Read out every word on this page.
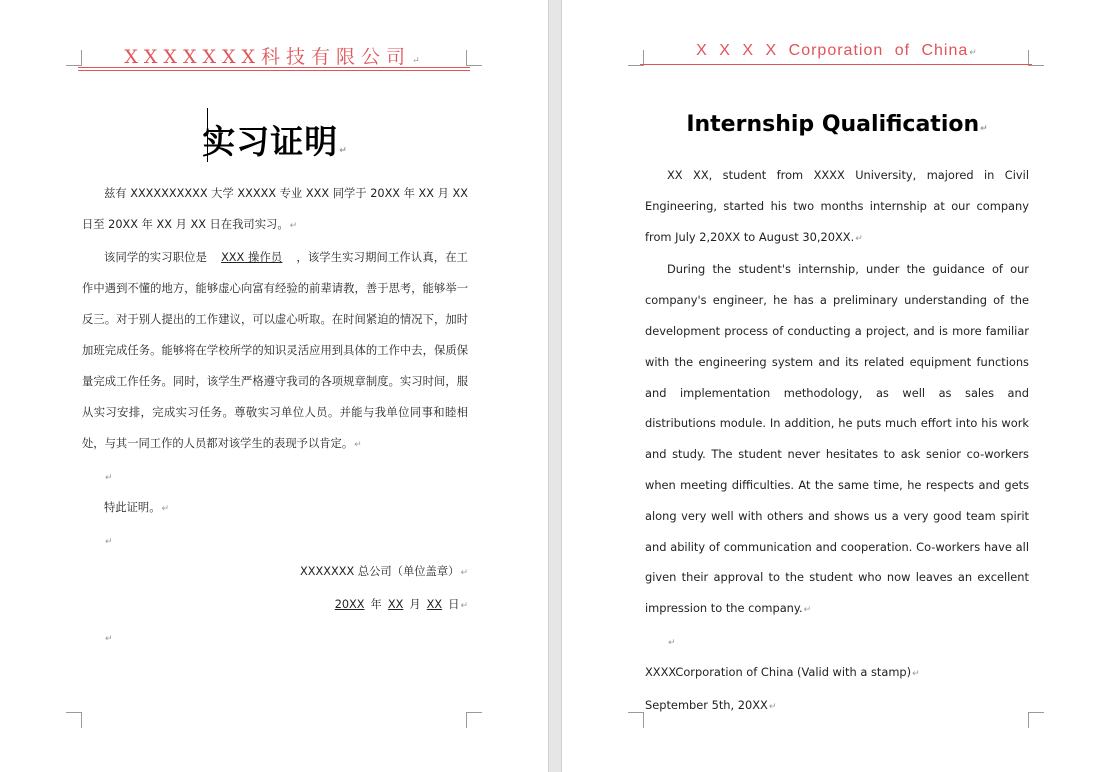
XXXXXXX科技有限公司↵
实习证明↵

兹有 XXXXXXXXXX 大学 XXXXX 专业 XXX 同学于 20XX 年 XX 月 XX 日至 20XX 年 XX 月 XX 日在我司实习。↵

该同学的实习职位是 XXX 操作员 ，该学生实习期间工作认真，在工作中遇到不懂的地方，能够虚心向富有经验的前辈请教，善于思考，能够举一反三。对于别人提出的工作建议，可以虚心听取。在时间紧迫的情况下，加时加班完成任务。能够将在学校所学的知识灵活应用到具体的工作中去，保质保量完成工作任务。同时，该学生严格遵守我司的各项规章制度。实习时间，服从实习安排，完成实习任务。尊敬实习单位人员。并能与我单位同事和睦相处，与其一同工作的人员都对该学生的表现予以肯定。↵

↵

特此证明。↵

↵

XXXXXXX 总公司（单位盖章）↵

20XX 年 XX 月 XX 日↵

↵
X X X X Corporation of China↵
Internship Qualification↵

XX XX, student from XXXX University, majored in Civil Engineering, started his two months internship at our company from July 2,20XX to August 30,20XX.↵

During the student's internship, under the guidance of our company's engineer, he has a preliminary understanding of the development process of conducting a project, and is more familiar with the engineering system and its related equipment functions and implementation methodology, as well as sales and distributions module. In addition, he puts much effort into his work and study. The student never hesitates to ask senior co-workers when meeting difficulties. At the same time, he respects and gets along very well with others and shows us a very good team spirit and ability of communication and cooperation. Co-workers have all given their approval to the student who now leaves an excellent impression to the company.↵

↵

XXXXCorporation of China (Valid with a stamp)↵

September 5th, 20XX↵
